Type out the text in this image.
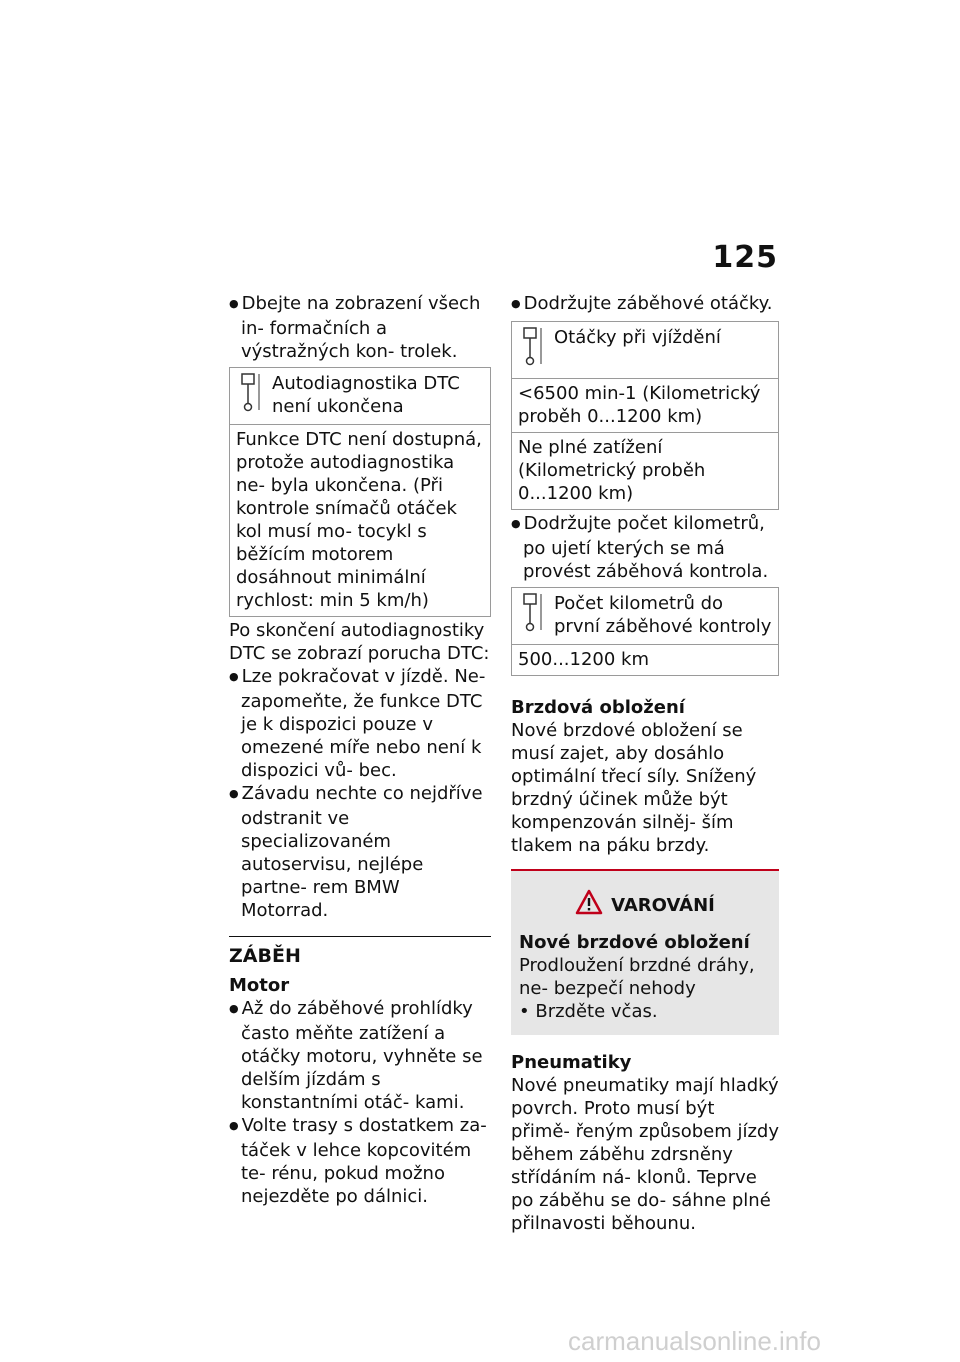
125

● Dbejte na zobrazení všech in- formačních a výstražných kon- trolek.

Autodiagnostika DTC není ukončena
Funkce DTC není dostupná, protože autodiagnostika ne- byla ukončena. (Při kontrole snímačů otáček kol musí mo- tocykl s běžícím motorem dosáhnout minimální rychlost: min 5 km/h)

Po skončení autodiagnostiky DTC se zobrazí porucha DTC:

● Lze pokračovat v jízdě. Ne- zapomeňte, že funkce DTC je k dispozici pouze v omezené míře nebo není k dispozici vů- bec.

● Závadu nechte co nejdříve odstranit ve specializovaném autoservisu, nejlépe partne- rem BMW Motorrad.

ZÁBĚH

Motor

● Až do záběhové prohlídky často měňte zatížení a otáčky motoru, vyhněte se delším jízdám s konstantními otáč- kami.

● Volte trasy s dostatkem za- táček v lehce kopcovitém te- rénu, pokud možno nejezděte po dálnici.

● Dodržujte záběhové otáčky.

Otáčky při vjíždění
<6500 min-1 (Kilometrický proběh 0...1200 km)
Ne plné zatížení (Kilometrický proběh 0...1200 km)

● Dodržujte počet kilometrů, po ujetí kterých se má provést záběhová kontrola.

Počet kilometrů do první záběhové kontroly
500...1200 km

Brzdová obložení

Nové brzdové obložení se musí zajet, aby dosáhlo optimální třecí síly. Snížený brzdný účinek může být kompenzován silněj- ším tlakem na páku brzdy.

VAROVÁNÍ

Nové brzdové obložení

Prodloužení brzdné dráhy, ne- bezpečí nehody

• Brzděte včas.

Pneumatiky

Nové pneumatiky mají hladký povrch. Proto musí být přimě- řeným způsobem jízdy během záběhu zdrsněny střídáním ná- klonů. Teprve po záběhu se do- sáhne plné přilnavosti běhounu.

carmanualsonline.info
